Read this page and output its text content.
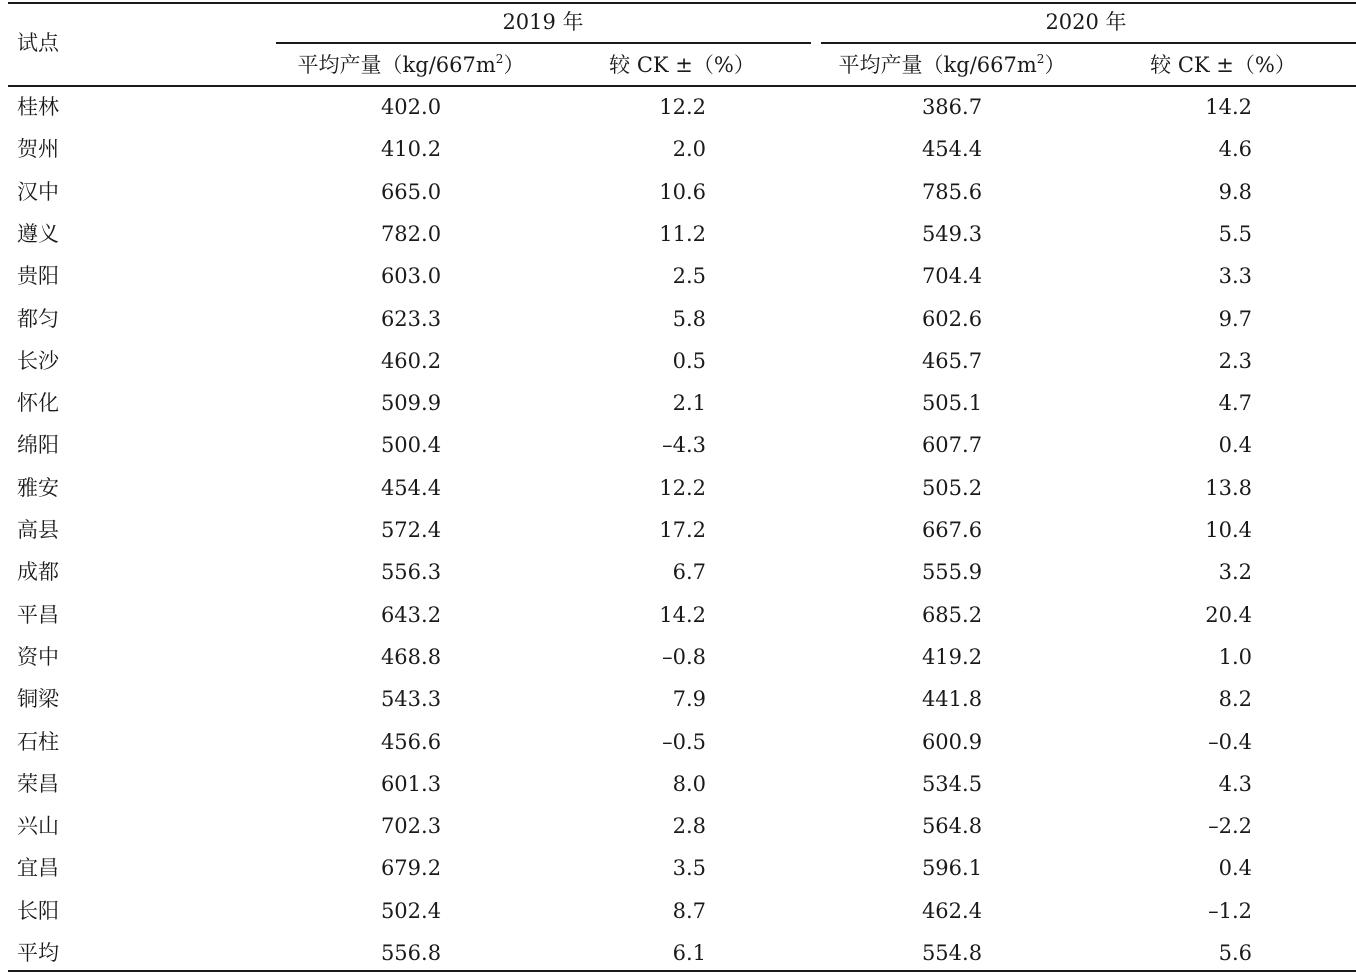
试点
2019 年	2020 年
平均产量$(kg/667m^2)$	较 CK ±（%）	平均产量$(kg/667m^2)$	较 CK ±（%）
桂林	402.0	12.2	386.7	14.2
贺州	410.2	2.0	454.4	4.6
汉中	665.0	10.6	785.6	9.8
遵义	782.0	11.2	549.3	5.5
贵阳	603.0	2.5	704.4	3.3
都匀	623.3	5.8	602.6	9.7
长沙	460.2	0.5	465.7	2.3
怀化	509.9	2.1	505.1	4.7
绵阳	500.4	–4.3	607.7	0.4
雅安	454.4	12.2	505.2	13.8
高县	572.4	17.2	667.6	10.4
成都	556.3	6.7	555.9	3.2
平昌	643.2	14.2	685.2	20.4
资中	468.8	–0.8	419.2	1.0
铜梁	543.3	7.9	441.8	8.2
石柱	456.6	–0.5	600.9	–0.4
荣昌	601.3	8.0	534.5	4.3
兴山	702.3	2.8	564.8	–2.2
宜昌	679.2	3.5	596.1	0.4
长阳	502.4	8.7	462.4	–1.2
平均	556.8	6.1	554.8	5.6
